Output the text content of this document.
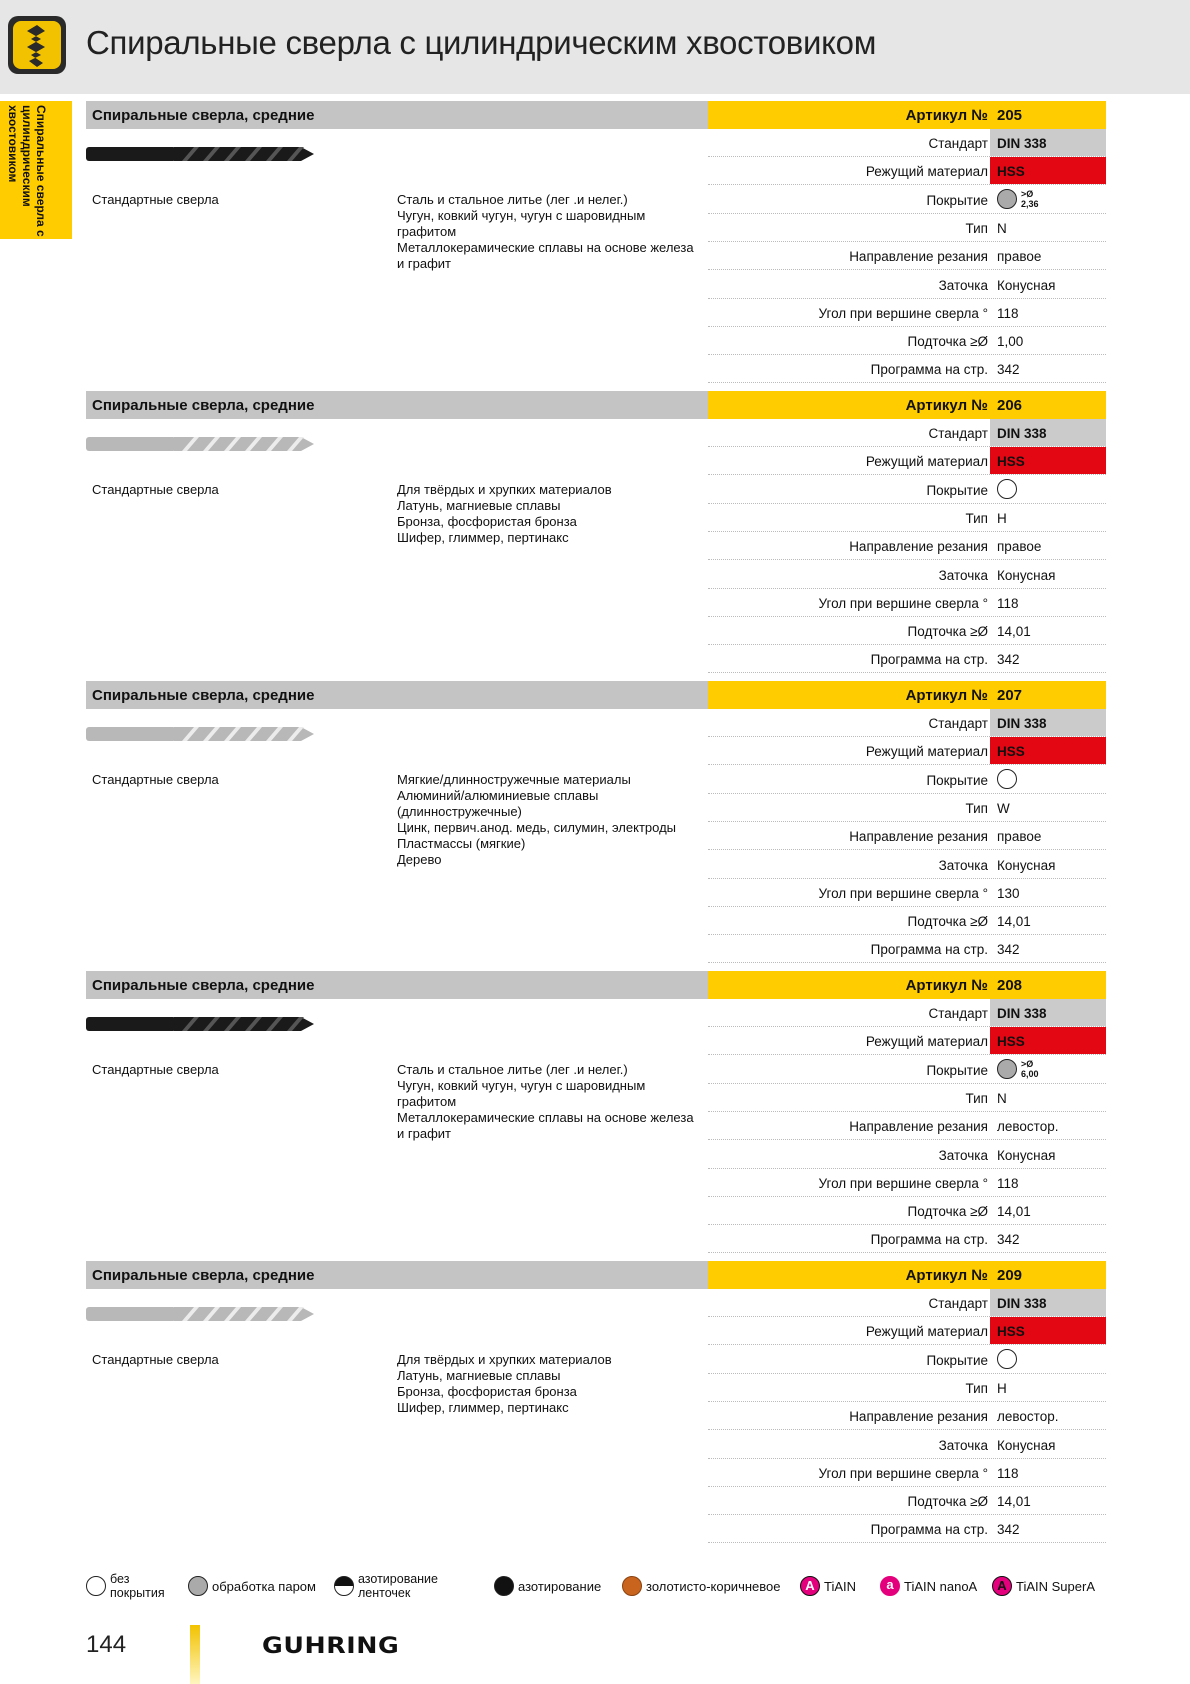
Спиральные сверла с цилиндрическим хвостовиком
Спиральные сверла с цилиндрическим хвостовиком	Спиральные сверла, средние	Артикул № 205
Стандартные сверла	Сталь и стальное литье (лег .и нелег.)
Чугун, ковкий чугун, чугун с шаровидным графитом
Металлокерамические сплавы на основе железа и графит
Стандарт DIN 338
Режущий материал HSS
Покрытие	>Ø
2,36
Тип N
Направление резания правое
Заточка Конусная
Угол при вершине сверла ° 118
Подточка ≥Ø 1,00
Программа на стр. 342
Спиральные сверла, средние	Артикул № 206
Стандартные сверла	Для твёрдых и хрупких материалов
Латунь, магниевые сплавы
Бронза, фосфористая бронза
Шифер, глиммер, пертинакс
Стандарт DIN 338
Режущий материал HSS
Покрытие
Тип H
Направление резания правое
Заточка Конусная
Угол при вершине сверла ° 118
Подточка ≥Ø 14,01
Программа на стр. 342
Спиральные сверла, средние	Артикул № 207
Стандартные сверла	Мягкие/длинностружечные материалы
Алюминий/алюминиевые сплавы (длинностружечные)
Цинк, первич.анод. медь, силумин, электроды
Пластмассы (мягкие)
Дерево
Стандарт DIN 338
Режущий материал HSS
Покрытие
Тип W
Направление резания правое
Заточка Конусная
Угол при вершине сверла ° 130
Подточка ≥Ø 14,01
Программа на стр. 342
Спиральные сверла, средние	Артикул № 208
Стандартные сверла	Сталь и стальное литье (лег .и нелег.)
Чугун, ковкий чугун, чугун с шаровидным графитом
Металлокерамические сплавы на основе железа и графит
Стандарт DIN 338
Режущий материал HSS
Покрытие	>Ø
6,00
Тип N
Направление резания левостор.
Заточка Конусная
Угол при вершине сверла ° 118
Подточка ≥Ø 14,01
Программа на стр. 342
Спиральные сверла, средние	Артикул № 209
Стандартные сверла	Для твёрдых и хрупких материалов
Латунь, магниевые сплавы
Бронза, фосфористая бронза
Шифер, глиммер, пертинакс
Стандарт DIN 338
Режущий материал HSS
Покрытие
Тип H
Направление резания левостор.
Заточка Конусная
Угол при вершине сверла ° 118
Подточка ≥Ø 14,01
Программа на стр. 342
без
покрытия	обработка паром	азотирование
ленточек	азотирование	золотисто-коричневое	A TiAIN	a TiAIN nanoA	A TiAIN SuperA
144	GUHRING
